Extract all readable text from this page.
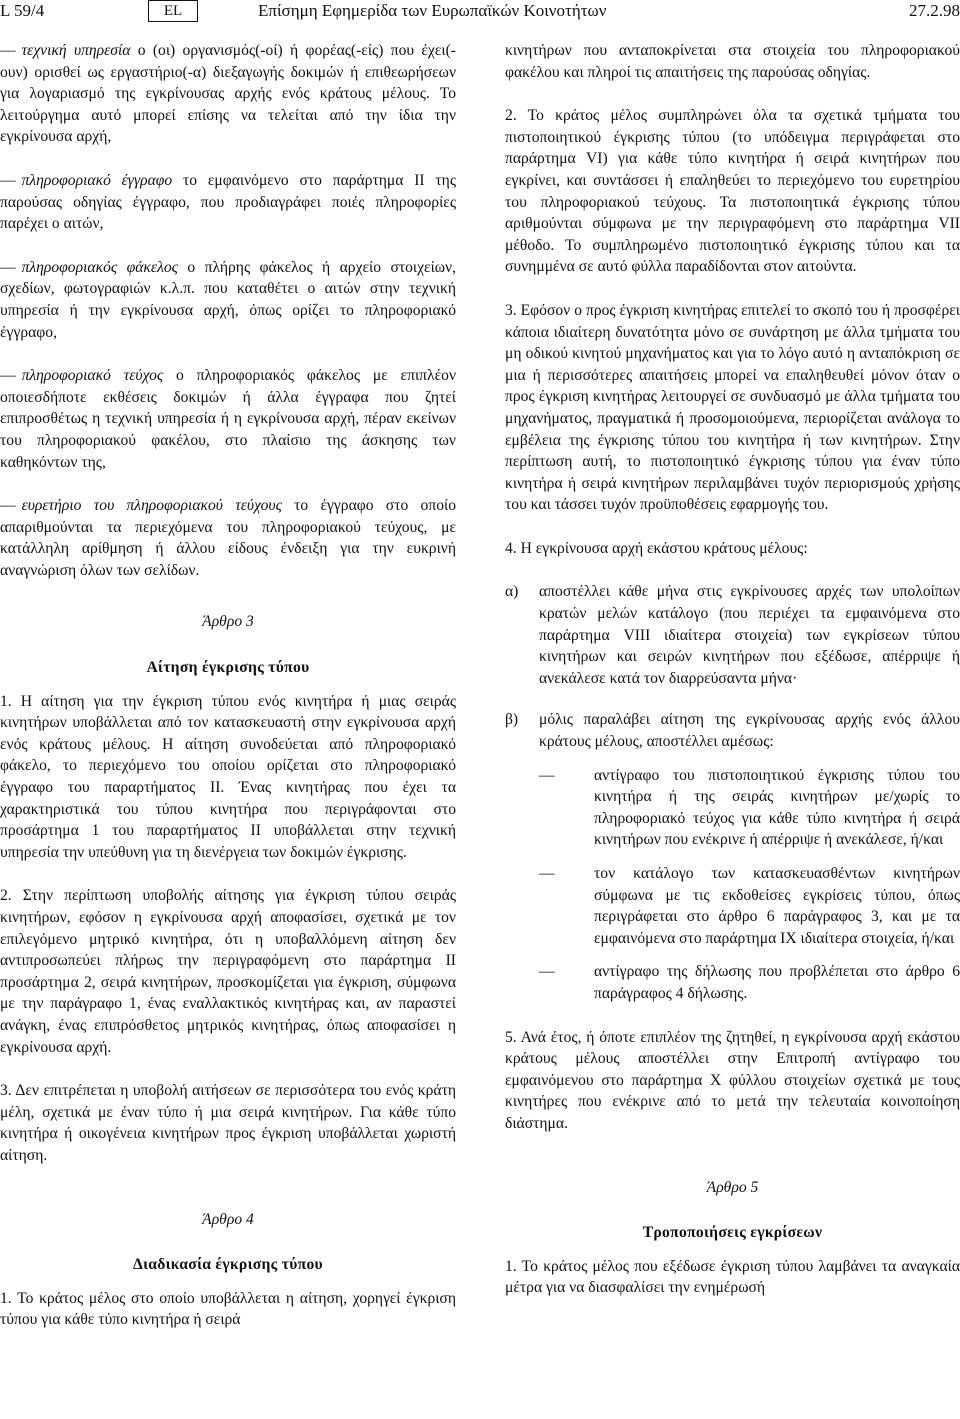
L 59/4	EL	Επίσημη Εφημερίδα των Ευρωπαϊκών Κοινοτήτων	27.2.98

— τεχνική υπηρεσία ο (οι) οργανισμός(-οί) ή φορέας(-είς) που έχει(-ουν) ορισθεί ως εργαστήριο(-α) διεξαγωγής δοκιμών ή επιθεωρήσεων για λογαριασμό της εγκρίνουσας αρχής ενός κράτους μέλους. Το λειτούργημα αυτό μπορεί επίσης να τελείται από την ίδια την εγκρίνουσα αρχή,

— πληροφοριακό έγγραφο το εμφαινόμενο στο παράρτημα II της παρούσας οδηγίας έγγραφο, που προδιαγράφει ποιές πληροφορίες παρέχει ο αιτών,

— πληροφοριακός φάκελος ο πλήρης φάκελος ή αρχείο στοιχείων, σχεδίων, φωτογραφιών κ.λ.π. που καταθέτει ο αιτών στην τεχνική υπηρεσία ή την εγκρίνουσα αρχή, όπως ορίζει το πληροφοριακό έγγραφο,

— πληροφοριακό τεύχος ο πληροφοριακός φάκελος με επιπλέον οποιεσδήποτε εκθέσεις δοκιμών ή άλλα έγγραφα που ζητεί επιπροσθέτως η τεχνική υπηρεσία ή η εγκρίνουσα αρχή, πέραν εκείνων του πληροφοριακού φακέλου, στο πλαίσιο της άσκησης των καθηκόντων της,

— ευρετήριο του πληροφοριακού τεύχους το έγγραφο στο οποίο απαριθμούνται τα περιεχόμενα του πληροφοριακού τεύχους, με κατάλληλη αρίθμηση ή άλλου είδους ένδειξη για την ευκρινή αναγνώριση όλων των σελίδων.

Άρθρο 3

Αίτηση έγκρισης τύπου

1. Η αίτηση για την έγκριση τύπου ενός κινητήρα ή μιας σειράς κινητήρων υποβάλλεται από τον κατασκευαστή στην εγκρίνουσα αρχή ενός κράτους μέλους. Η αίτηση συνοδεύεται από πληροφοριακό φάκελο, το περιεχόμενο του οποίου ορίζεται στο πληροφοριακό έγγραφο του παραρτήματος II. Ένας κινητήρας που έχει τα χαρακτηριστικά του τύπου κινητήρα που περιγράφονται στο προσάρτημα 1 του παραρτήματος II υποβάλλεται στην τεχνική υπηρεσία την υπεύθυνη για τη διενέργεια των δοκιμών έγκρισης.

2. Στην περίπτωση υποβολής αίτησης για έγκριση τύπου σειράς κινητήρων, εφόσον η εγκρίνουσα αρχή αποφασίσει, σχετικά με τον επιλεγόμενο μητρικό κινητήρα, ότι η υποβαλλόμενη αίτηση δεν αντιπροσωπεύει πλήρως την περιγραφόμενη στο παράρτημα II προσάρτημα 2, σειρά κινητήρων, προσκομίζεται για έγκριση, σύμφωνα με την παράγραφο 1, ένας εναλλακτικός κινητήρας και, αν παραστεί ανάγκη, ένας επιπρόσθετος μητρικός κινητήρας, όπως αποφασίσει η εγκρίνουσα αρχή.

3. Δεν επιτρέπεται η υποβολή αιτήσεων σε περισσότερα του ενός κράτη μέλη, σχετικά με έναν τύπο ή μια σειρά κινητήρων. Για κάθε τύπο κινητήρα ή οικογένεια κινητήρων προς έγκριση υποβάλλεται χωριστή αίτηση.

Άρθρο 4

Διαδικασία έγκρισης τύπου

1. Το κράτος μέλος στο οποίο υποβάλλεται η αίτηση, χορηγεί έγκριση τύπου για κάθε τύπο κινητήρα ή σειρά

κινητήρων που ανταποκρίνεται στα στοιχεία του πληροφοριακού φακέλου και πληροί τις απαιτήσεις της παρούσας οδηγίας.

2. Το κράτος μέλος συμπληρώνει όλα τα σχετικά τμήματα του πιστοποιητικού έγκρισης τύπου (το υπόδειγμα περιγράφεται στο παράρτημα VI) για κάθε τύπο κινητήρα ή σειρά κινητήρων που εγκρίνει, και συντάσσει ή επαληθεύει το περιεχόμενο του ευρετηρίου του πληροφοριακού τεύχους. Τα πιστοποιητικά έγκρισης τύπου αριθμούνται σύμφωνα με την περιγραφόμενη στο παράρτημα VII μέθοδο. Το συμπληρωμένο πιστοποιητικό έγκρισης τύπου και τα συνημμένα σε αυτό φύλλα παραδίδονται στον αιτούντα.

3. Εφόσον ο προς έγκριση κινητήρας επιτελεί το σκοπό του ή προσφέρει κάποια ιδιαίτερη δυνατότητα μόνο σε συνάρτηση με άλλα τμήματα του μη οδικού κινητού μηχανήματος και για το λόγο αυτό η ανταπόκριση σε μια ή περισσότερες απαιτήσεις μπορεί να επαληθευθεί μόνον όταν ο προς έγκριση κινητήρας λειτουργεί σε συνδυασμό με άλλα τμήματα του μηχανήματος, πραγματικά ή προσομοιούμενα, περιορίζεται ανάλογα το εμβέλεια της έγκρισης τύπου του κινητήρα ή των κινητήρων. Στην περίπτωση αυτή, το πιστοποιητικό έγκρισης τύπου για έναν τύπο κινητήρα ή σειρά κινητήρων περιλαμβάνει τυχόν περιορισμούς χρήσης του και τάσσει τυχόν προϋποθέσεις εφαρμογής του.

4. Η εγκρίνουσα αρχή εκάστου κράτους μέλους:

α)	αποστέλλει κάθε μήνα στις εγκρίνουσες αρχές των υπολοίπων κρατών μελών κατάλογο (που περιέχει τα εμφαινόμενα στο παράρτημα VIII ιδιαίτερα στοιχεία) των εγκρίσεων τύπου κινητήρων και σειρών κινητήρων που εξέδωσε, απέρριψε ή ανεκάλεσε κατά τον διαρρεύσαντα μήνα·
β)	μόλις παραλάβει αίτηση της εγκρίνουσας αρχής ενός άλλου κράτους μέλους, αποστέλλει αμέσως:
—	αντίγραφο του πιστοποιητικού έγκρισης τύπου του κινητήρα ή της σειράς κινητήρων με/χωρίς το πληροφοριακό τεύχος για κάθε τύπο κινητήρα ή σειρά κινητήρων που ενέκρινε ή απέρριψε ή ανεκάλεσε, ή/και
—	τον κατάλογο των κατασκευασθέντων κινητήρων σύμφωνα με τις εκδοθείσες εγκρίσεις τύπου, όπως περιγράφεται στο άρθρο 6 παράγραφος 3, και με τα εμφαινόμενα στο παράρτημα IX ιδιαίτερα στοιχεία, ή/και
—	αντίγραφο της δήλωσης που προβλέπεται στο άρθρο 6 παράγραφος 4 δήλωσης.

5. Ανά έτος, ή όποτε επιπλέον της ζητηθεί, η εγκρίνουσα αρχή εκάστου κράτους μέλους αποστέλλει στην Επιτροπή αντίγραφο του εμφαινόμενου στο παράρτημα X φύλλου στοιχείων σχετικά με τους κινητήρες που ενέκρινε από το μετά την τελευταία κοινοποίηση διάστημα.

Άρθρο 5

Τροποποιήσεις εγκρίσεων

1. Το κράτος μέλος που εξέδωσε έγκριση τύπου λαμβάνει τα αναγκαία μέτρα για να διασφαλίσει την ενημέρωσή
